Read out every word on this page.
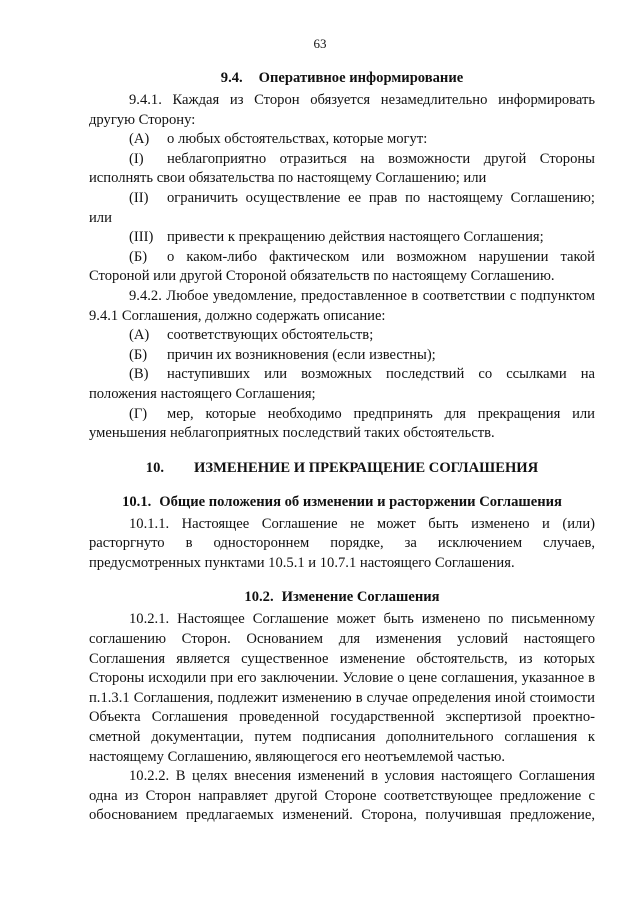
63
9.4. Оперативное информирование

9.4.1. Каждая из Сторон обязуется незамедлительно информировать другую Сторону:

(А)	о любых обстоятельствах, которые могут:
(I)	неблагоприятно отразиться на возможности другой Стороны

исполнять свои обязательства по настоящему Соглашению; или

(II)	ограничить осуществление ее прав по настоящему Соглашению;

или

(III) привести к прекращению действия настоящего Соглашения;
(Б)	о каком-либо фактическом или возможном нарушении такой

Стороной или другой Стороной обязательств по настоящему Соглашению.

9.4.2. Любое уведомление, предоставленное в соответствии с подпунктом 9.4.1 Соглашения, должно содержать описание:

(А)	соответствующих обстоятельств;
(Б)	причин их возникновения (если известны);
(В)	наступивших или возможных последствий со ссылками на

положения настоящего Соглашения;

(Г)	мер, которые необходимо предпринять для прекращения или

уменьшения неблагоприятных последствий таких обстоятельств.

10. ИЗМЕНЕНИЕ И ПРЕКРАЩЕНИЕ СОГЛАШЕНИЯ
10.1. Общие положения об изменении и расторжении Соглашения

10.1.1. Настоящее Соглашение не может быть изменено и (или) расторгнуто в одностороннем порядке, за исключением случаев, предусмотренных пунктами 10.5.1 и 10.7.1 настоящего Соглашения.

10.2. Изменение Соглашения

10.2.1. Настоящее Соглашение может быть изменено по письменному соглашению Сторон. Основанием для изменения условий настоящего Соглашения является существенное изменение обстоятельств, из которых Стороны исходили при его заключении. Условие о цене соглашения, указанное в п.1.3.1 Соглашения, подлежит изменению в случае определения иной стоимости Объекта Соглашения проведенной государственной экспертизой проектно-сметной документации, путем подписания дополнительного соглашения к настоящему Соглашению, являющегося его неотъемлемой частью.

10.2.2. В целях внесения изменений в условия настоящего Соглашения одна из Сторон направляет другой Стороне соответствующее предложение с обоснованием предлагаемых изменений. Сторона, получившая предложение,
